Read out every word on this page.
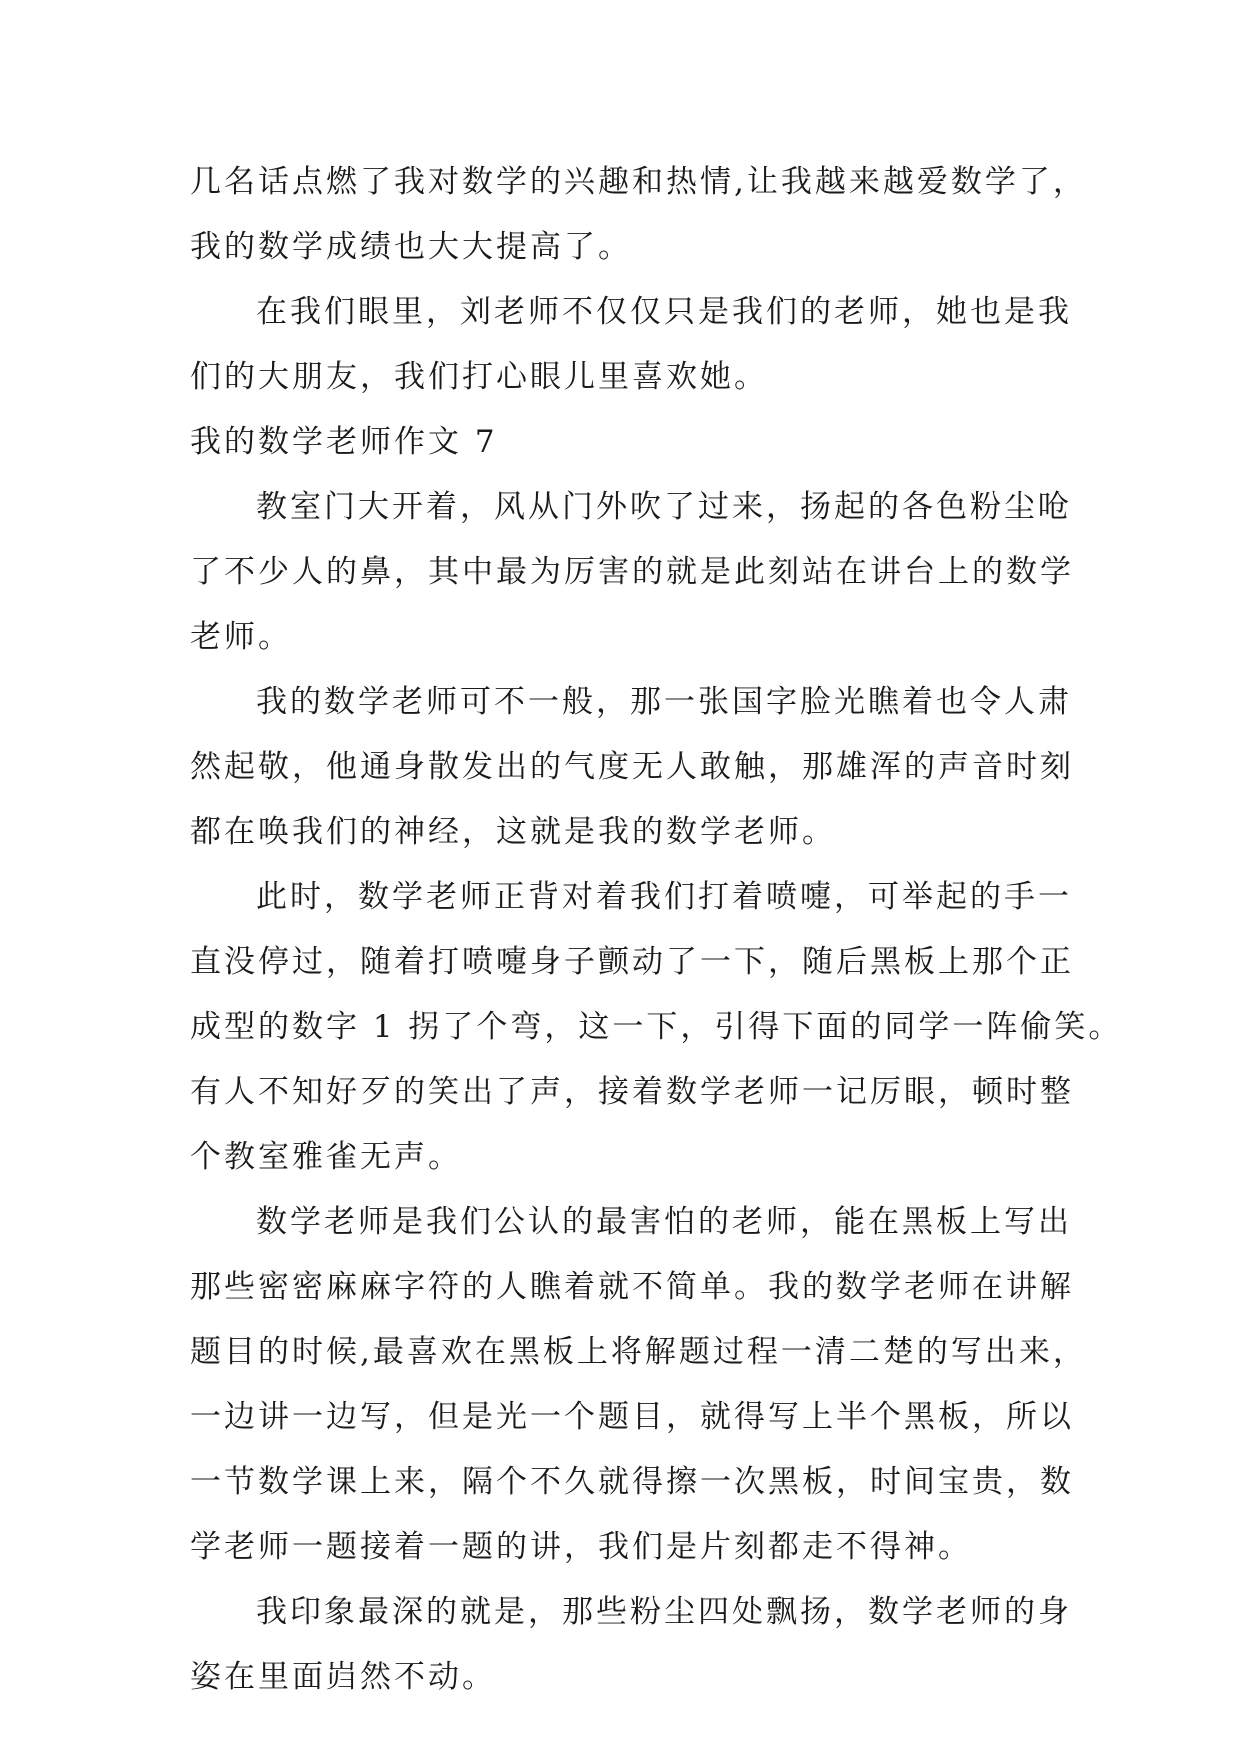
几名话点燃了我对数学的兴趣和热情,让我越来越爱数学了，
我的数学成绩也大大提高了。
在我们眼里，刘老师不仅仅只是我们的老师，她也是我
们的大朋友，我们打心眼儿里喜欢她。
我的数学老师作文 7
教室门大开着，风从门外吹了过来，扬起的各色粉尘呛
了不少人的鼻，其中最为厉害的就是此刻站在讲台上的数学
老师。
我的数学老师可不一般，那一张国字脸光瞧着也令人肃
然起敬，他通身散发出的气度无人敢触，那雄浑的声音时刻
都在唤我们的神经，这就是我的数学老师。
此时，数学老师正背对着我们打着喷嚏，可举起的手一
直没停过，随着打喷嚏身子颤动了一下，随后黑板上那个正
成型的数字 1 拐了个弯，这一下，引得下面的同学一阵偷笑。
有人不知好歹的笑出了声，接着数学老师一记厉眼，顿时整
个教室雅雀无声。
数学老师是我们公认的最害怕的老师，能在黑板上写出
那些密密麻麻字符的人瞧着就不简单。我的数学老师在讲解
题目的时候,最喜欢在黑板上将解题过程一清二楚的写出来，
一边讲一边写，但是光一个题目，就得写上半个黑板，所以
一节数学课上来，隔个不久就得擦一次黑板，时间宝贵，数
学老师一题接着一题的讲，我们是片刻都走不得神。
我印象最深的就是，那些粉尘四处飘扬，数学老师的身
姿在里面岿然不动。
